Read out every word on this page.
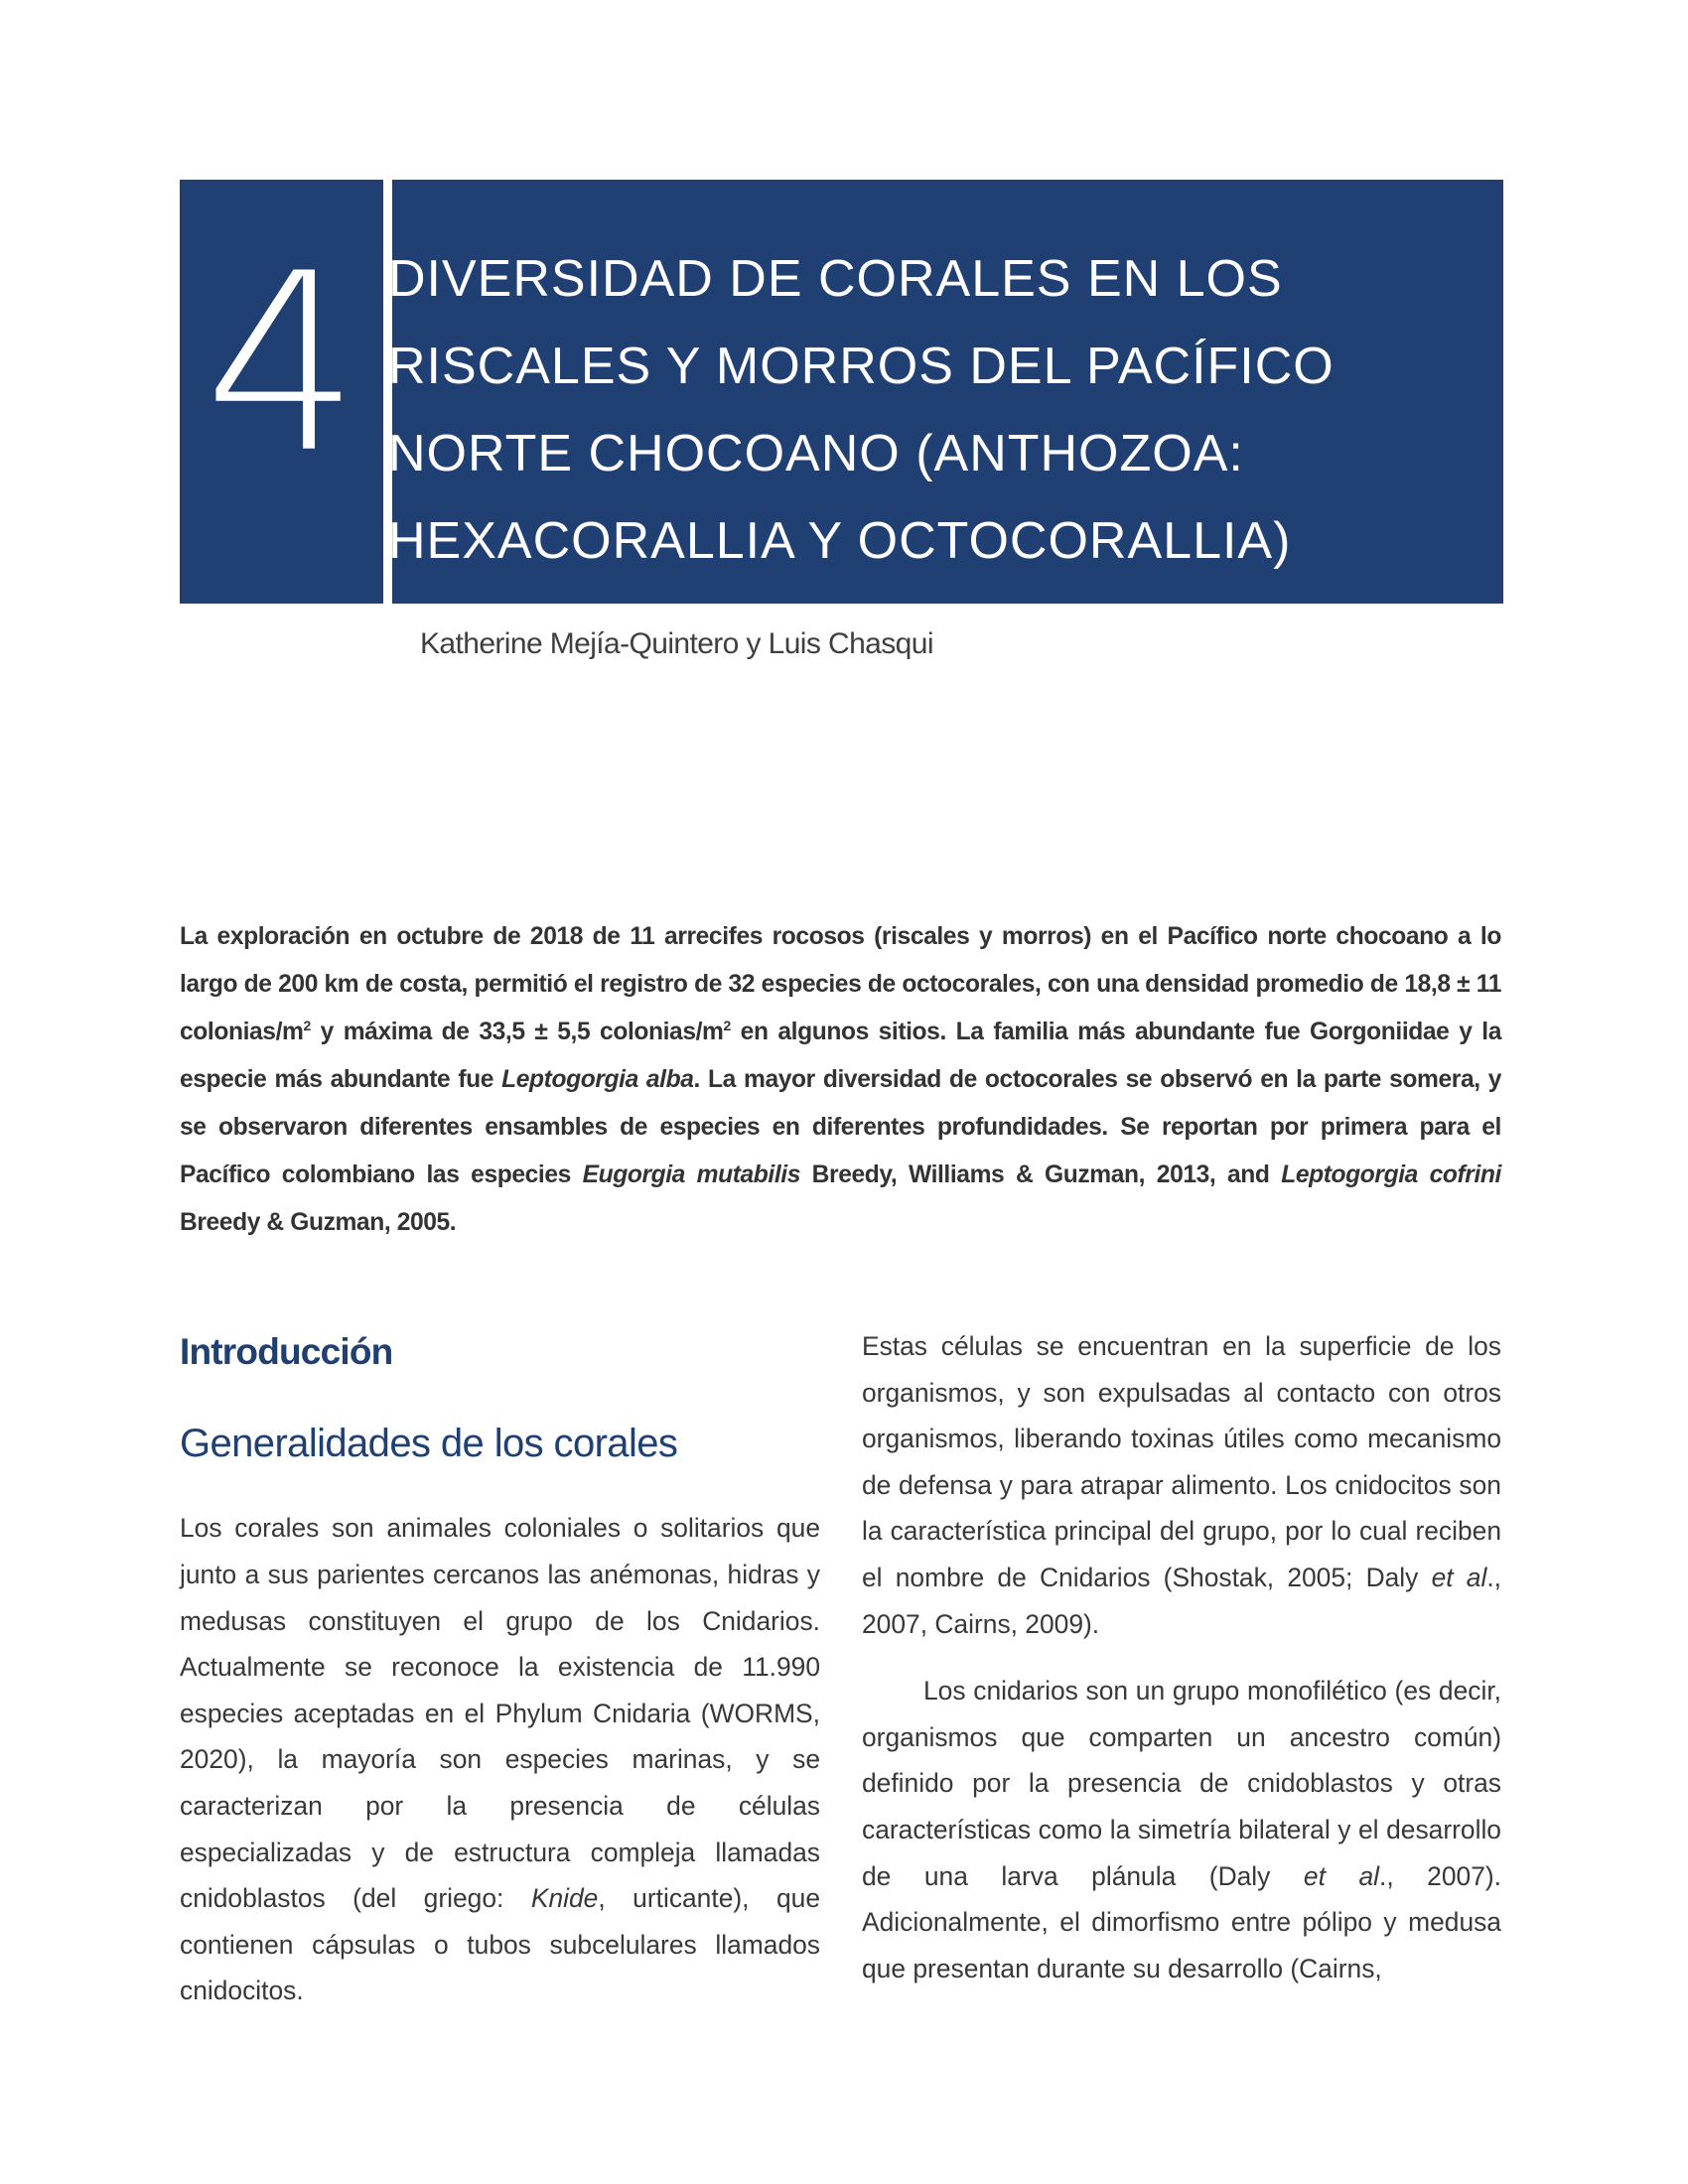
4 DIVERSIDAD DE CORALES EN LOS
RISCALES Y MORROS DEL PACÍFICO
NORTE CHOCOANO (ANTHOZOA:
HEXACORALLIA Y OCTOCORALLIA)
Katherine Mejía-Quintero y Luis Chasqui

La exploración en octubre de 2018 de 11 arrecifes rocosos (riscales y morros) en el Pacífico norte chocoano a lo largo de 200 km de costa, permitió el registro de 32 especies de octocorales, con una densidad promedio de 18,8 ± 11 colonias/$m^2$ y máxima de 33,5 ± 5,5 colonias/$m^2$ en algunos sitios. La familia más abundante fue Gorgoniidae y la especie más abundante fue Leptogorgia alba. La mayor diversidad de octocorales se observó en la parte somera, y se observaron diferentes ensambles de especies en diferentes profundidades. Se reportan por primera para el Pacífico colombiano las especies Eugorgia mutabilis Breedy, Williams & Guzman, 2013, and Leptogorgia cofrini Breedy & Guzman, 2005.

Introducción
Generalidades de los corales

Los corales son animales coloniales o solitarios que junto a sus parientes cercanos las anémonas, hidras y medusas constituyen el grupo de los Cnidarios. Actualmente se reconoce la existencia de 11.990 especies aceptadas en el Phylum Cnidaria (WORMS, 2020), la mayoría son especies marinas, y se caracterizan por la presencia de células especializadas y de estructura compleja llamadas cnidoblastos (del griego: Knide, urticante), que contienen cápsulas o tubos subcelulares llamados cnidocitos.

Estas células se encuentran en la superficie de los organismos, y son expulsadas al contacto con otros organismos, liberando toxinas útiles como mecanismo de defensa y para atrapar alimento. Los cnidocitos son la característica principal del grupo, por lo cual reciben el nombre de Cnidarios (Shostak, 2005; Daly et al., 2007, Cairns, 2009).

Los cnidarios son un grupo monofilético (es decir, organismos que comparten un ancestro común) definido por la presencia de cnidoblastos y otras características como la simetría bilateral y el desarrollo de una larva plánula (Daly et al., 2007). Adicionalmente, el dimorfismo entre pólipo y medusa que presentan durante su desarrollo (Cairns,
